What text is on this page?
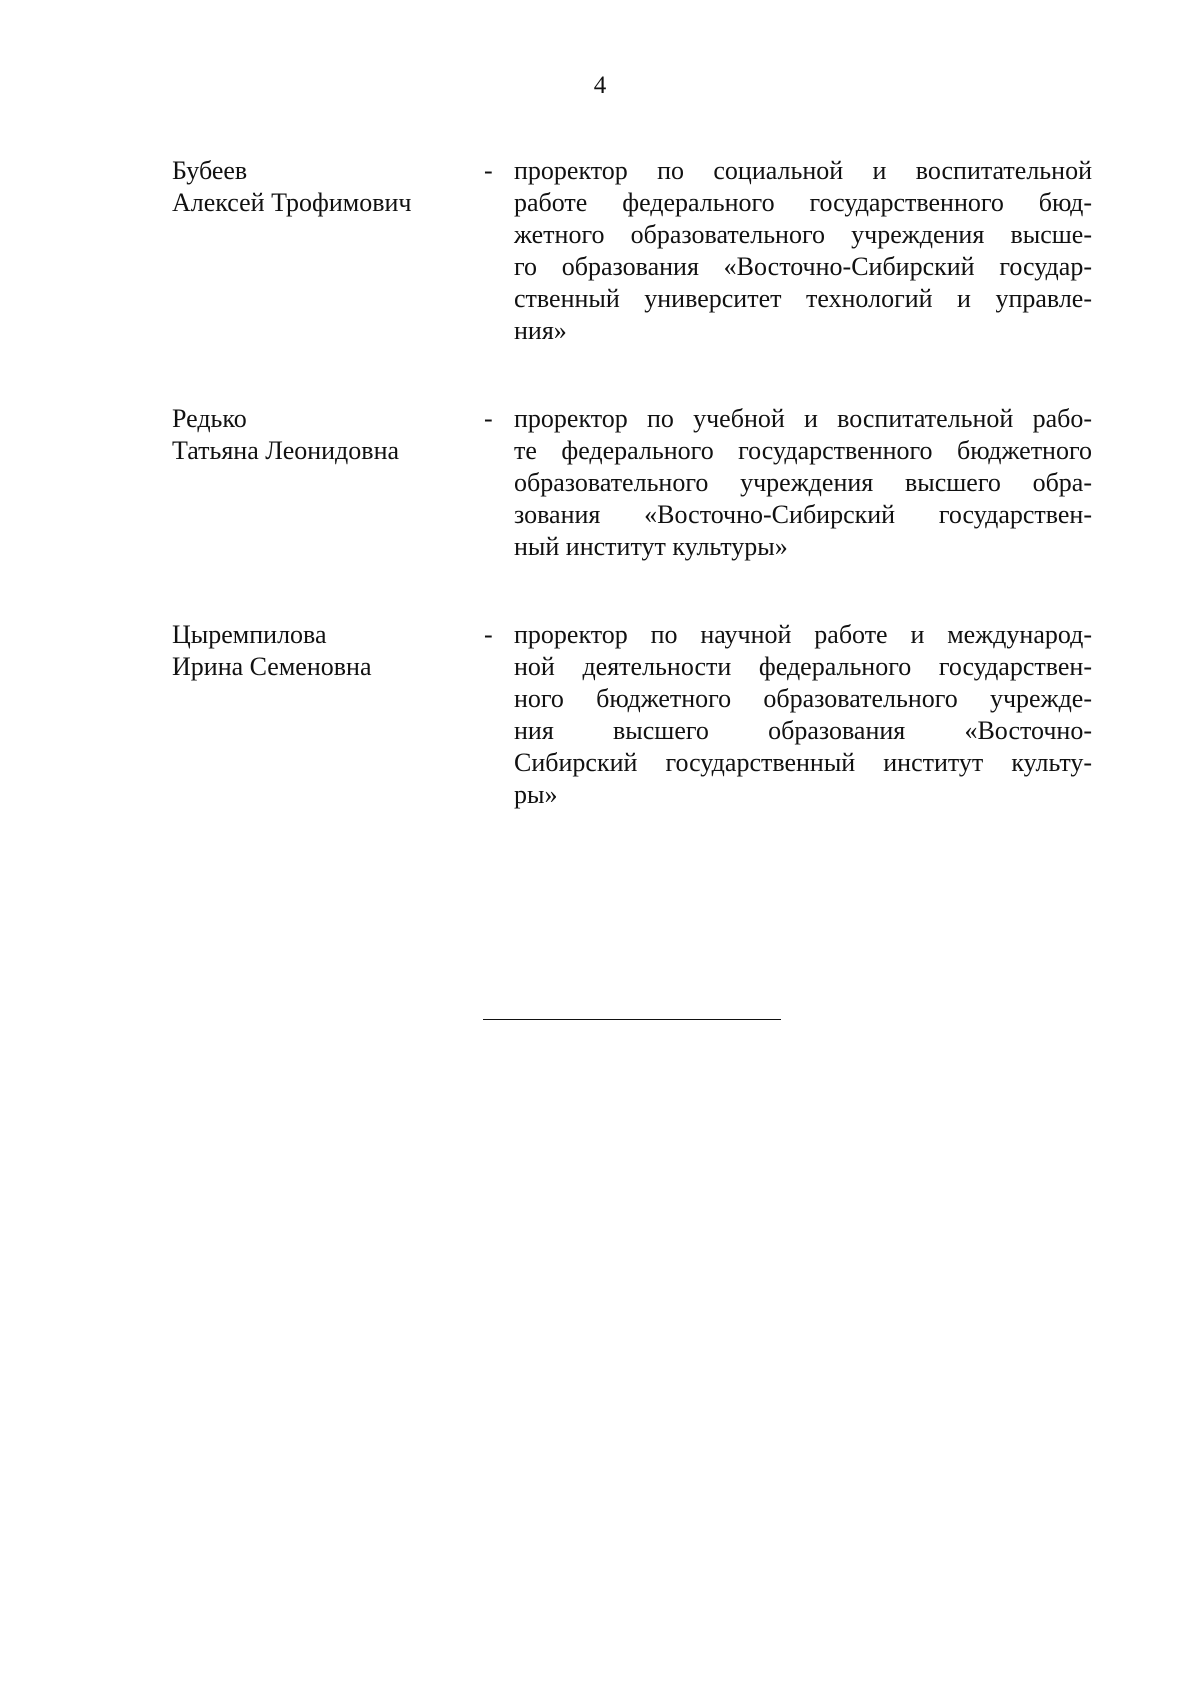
4
Бубеев
Алексей Трофимович
- проректор по социальной и воспитательной
работе федерального государственного бюд-
жетного образовательного учреждения высше-
го образования «Восточно-Сибирский государ-
ственный университет технологий и управле-
ния»
Редько
Татьяна Леонидовна
- проректор по учебной и воспитательной рабо-
те федерального государственного бюджетного
образовательного учреждения высшего обра-
зования «Восточно-Сибирский государствен-
ный институт культуры»
Цыремпилова
Ирина Семеновна
- проректор по научной работе и международ-
ной деятельности федерального государствен-
ного бюджетного образовательного учрежде-
ния высшего образования «Восточно-
Сибирский государственный институт культу-
ры»
